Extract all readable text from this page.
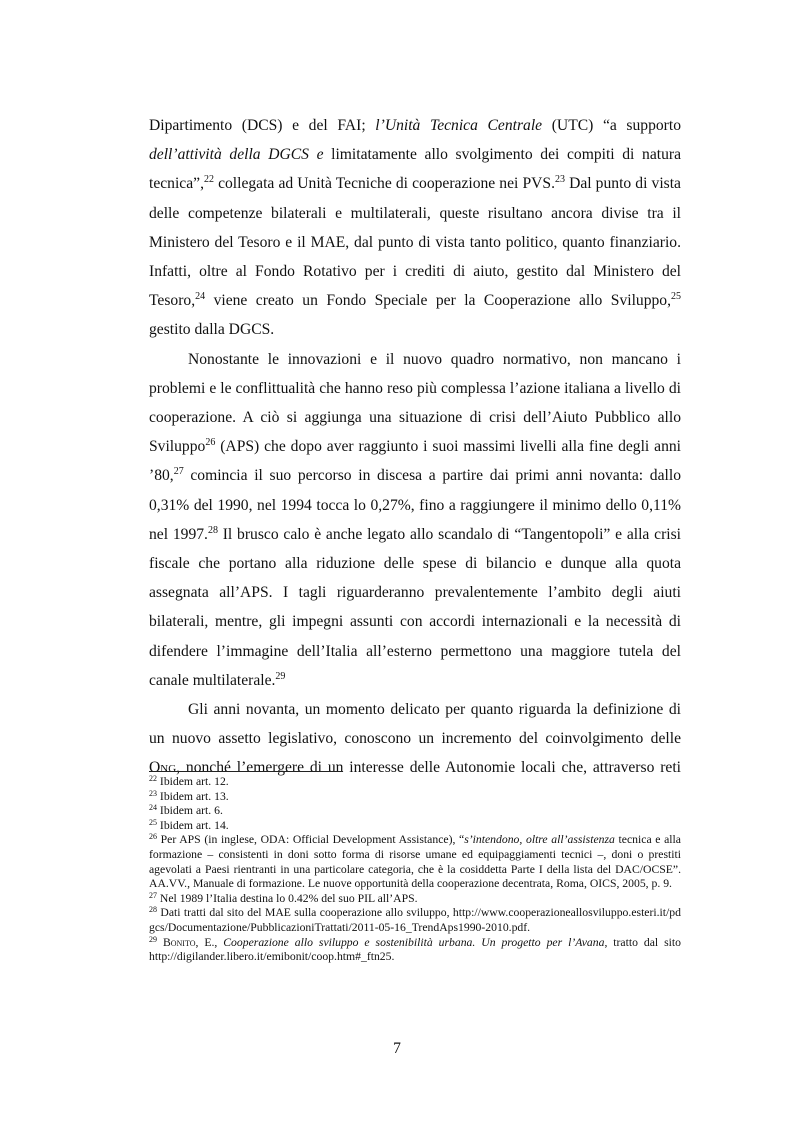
Dipartimento (DCS) e del FAI; l’Unità Tecnica Centrale (UTC) “a supporto dell’attività della DGCS e limitatamente allo svolgimento dei compiti di natura tecnica”,$^{22}$ collegata ad Unità Tecniche di cooperazione nei PVS.$^{23}$ Dal punto di vista delle competenze bilaterali e multilaterali, queste risultano ancora divise tra il Ministero del Tesoro e il MAE, dal punto di vista tanto politico, quanto finanziario. Infatti, oltre al Fondo Rotativo per i crediti di aiuto, gestito dal Ministero del Tesoro,$^{24}$ viene creato un Fondo Speciale per la Cooperazione allo Sviluppo,$^{25}$ gestito dalla DGCS.

Nonostante le innovazioni e il nuovo quadro normativo, non mancano i problemi e le conflittualità che hanno reso più complessa l’azione italiana a livello di cooperazione. A ciò si aggiunga una situazione di crisi dell’Aiuto Pubblico allo Sviluppo$^{26}$ (APS) che dopo aver raggiunto i suoi massimi livelli alla fine degli anni ’80,27 comincia il suo percorso in discesa a partire dai primi anni novanta: dallo 0,31% del 1990, nel 1994 tocca lo 0,27%, fino a raggiungere il minimo dello 0,11% nel 1997.28 Il brusco calo è anche legato allo scandalo di “Tangentopoli” e alla crisi fiscale che portano alla riduzione delle spese di bilancio e dunque alla quota assegnata all’APS. I tagli riguarderanno prevalentemente l’ambito degli aiuti bilaterali, mentre, gli impegni assunti con accordi internazionali e la necessità di difendere l’immagine dell’Italia all’esterno permettono una maggiore tutela del canale multilaterale.$^{29}$

Gli anni novanta, un momento delicato per quanto riguarda la definizione di un nuovo assetto legislativo, conoscono un incremento del coinvolgimento delle Ong, nonché l’emergere di un interesse delle Autonomie locali che, attraverso reti

$^{22}$ Ibidem art. 12.

$^{23}$ Ibidem art. 13.

$^{24}$ Ibidem art. 6.

$^{25}$ Ibidem art. 14.

$^{26}$ Per APS (in inglese, ODA: Official Development Assistance), “s’intendono, oltre all’assistenza tecnica e alla formazione – consistenti in doni sotto forma di risorse umane ed equipaggiamenti tecnici –, doni o prestiti agevolati a Paesi rientranti in una particolare categoria, che è la cosiddetta Parte I della lista del DAC/OCSE”. AA.VV., Manuale di formazione. Le nuove opportunità della cooperazione decentrata, Roma, OICS, 2005, p. 9.

$^{27}$ Nel 1989 l’Italia destina lo 0.42% del suo PIL all’APS.

$^{28}$ Dati tratti dal sito del MAE sulla cooperazione allo sviluppo, http://www.cooperazioneallosviluppo.esteri.it/pdgcs/Documentazione/PubblicazioniTrattati/2011-05-16_TrendAps1990-2010.pdf.

$^{29}$ Bonito, E., Cooperazione allo sviluppo e sostenibilità urbana. Un progetto per l’Avana, tratto dal sito http://digilander.libero.it/emibonit/coop.htm#_ftn25.

7
